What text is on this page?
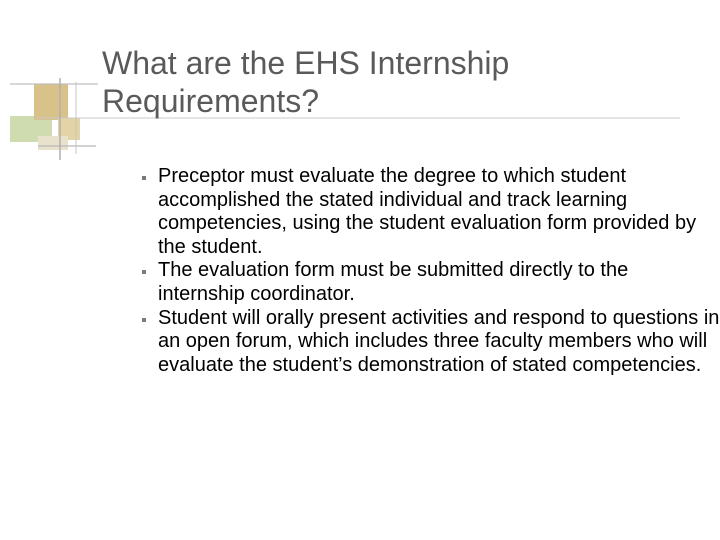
What are the EHS Internship Requirements?
Preceptor must evaluate the degree to which student accomplished the stated individual and track learning competencies, using the student evaluation form provided by the student.
The evaluation form must be submitted directly to the internship coordinator.
Student will orally present activities and respond to questions in an open forum, which includes three faculty members who will evaluate the student’s demonstration of stated competencies.
